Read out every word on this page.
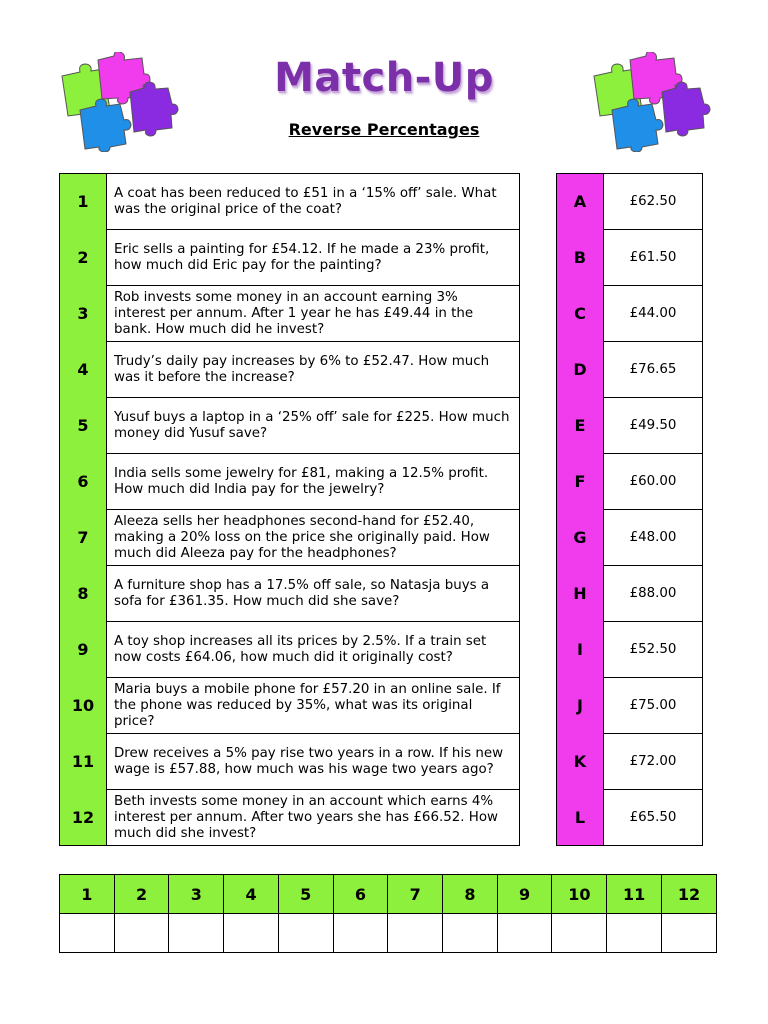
Match-Up
Reverse Percentages
1	A coat has been reduced to £51 in a ‘15% off’ sale. What was the original price of the coat?
2	Eric sells a painting for £54.12. If he made a 23% profit, how much did Eric pay for the painting?
3	Rob invests some money in an account earning 3% interest per annum. After 1 year he has £49.44 in the bank. How much did he invest?
4	Trudy’s daily pay increases by 6% to £52.47. How much was it before the increase?
5	Yusuf buys a laptop in a ‘25% off’ sale for £225. How much money did Yusuf save?
6	India sells some jewelry for £81, making a 12.5% profit. How much did India pay for the jewelry?
7	Aleeza sells her headphones second-hand for £52.40, making a 20% loss on the price she originally paid. How much did Aleeza pay for the headphones?
8	A furniture shop has a 17.5% off sale, so Natasja buys a sofa for £361.35. How much did she save?
9	A toy shop increases all its prices by 2.5%. If a train set now costs £64.06, how much did it originally cost?
10	Maria buys a mobile phone for £57.20 in an online sale. If the phone was reduced by 35%, what was its original price?
11	Drew receives a 5% pay rise two years in a row. If his new wage is £57.88, how much was his wage two years ago?
12	Beth invests some money in an account which earns 4% interest per annum. After two years she has £66.52. How much did she invest?
A	£62.50
B	£61.50
C	£44.00
D	£76.65
E	£49.50
F	£60.00
G	£48.00
H	£88.00
I	£52.50
J	£75.00
K	£72.00
L	£65.50
1	2	3	4	5	6	7	8	9	10	11	12
